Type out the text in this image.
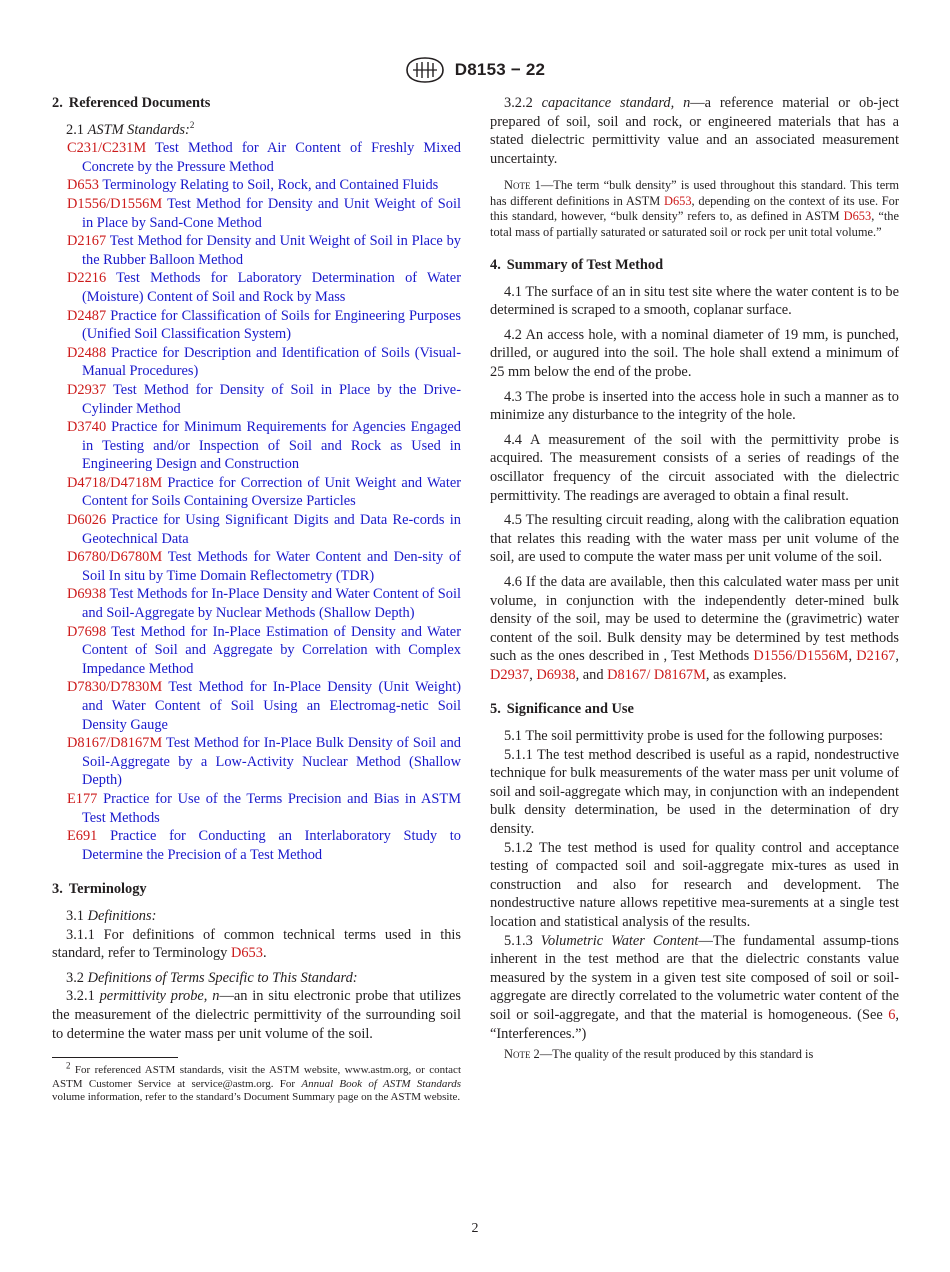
D8153 − 22
2. Referenced Documents

2.1 ASTM Standards:$^2$

C231/C231M Test Method for Air Content of Freshly Mixed Concrete by the Pressure Method

D653 Terminology Relating to Soil, Rock, and Contained Fluids

D1556/D1556M Test Method for Density and Unit Weight of Soil in Place by Sand-Cone Method

D2167 Test Method for Density and Unit Weight of Soil in Place by the Rubber Balloon Method

D2216 Test Methods for Laboratory Determination of Water (Moisture) Content of Soil and Rock by Mass

D2487 Practice for Classification of Soils for Engineering Purposes (Unified Soil Classification System)

D2488 Practice for Description and Identification of Soils (Visual-Manual Procedures)

D2937 Test Method for Density of Soil in Place by the Drive-Cylinder Method

D3740 Practice for Minimum Requirements for Agencies Engaged in Testing and/or Inspection of Soil and Rock as Used in Engineering Design and Construction

D4718/D4718M Practice for Correction of Unit Weight and Water Content for Soils Containing Oversize Particles

D6026 Practice for Using Significant Digits and Data Re-cords in Geotechnical Data

D6780/D6780M Test Methods for Water Content and Den-sity of Soil In situ by Time Domain Reflectometry (TDR)

D6938 Test Methods for In-Place Density and Water Content of Soil and Soil-Aggregate by Nuclear Methods (Shallow Depth)

D7698 Test Method for In-Place Estimation of Density and Water Content of Soil and Aggregate by Correlation with Complex Impedance Method

D7830/D7830M Test Method for In-Place Density (Unit Weight) and Water Content of Soil Using an Electromag-netic Soil Density Gauge

D8167/D8167M Test Method for In-Place Bulk Density of Soil and Soil-Aggregate by a Low-Activity Nuclear Method (Shallow Depth)

E177 Practice for Use of the Terms Precision and Bias in ASTM Test Methods

E691 Practice for Conducting an Interlaboratory Study to Determine the Precision of a Test Method

3. Terminology

3.1 Definitions:

3.1.1 For definitions of common technical terms used in this standard, refer to Terminology D653.

3.2 Definitions of Terms Specific to This Standard:

3.2.1 permittivity probe, n—an in situ electronic probe that utilizes the measurement of the dielectric permittivity of the surrounding soil to determine the water mass per unit volume of the soil.

$^2$ For referenced ASTM standards, visit the ASTM website, www.astm.org, or contact ASTM Customer Service at service@astm.org. For Annual Book of ASTM Standards volume information, refer to the standard’s Document Summary page on the ASTM website.

3.2.2 capacitance standard, n—a reference material or ob-ject prepared of soil, soil and rock, or engineered materials that has a stated dielectric permittivity value and an associated measurement uncertainty.

Note 1—The term “bulk density” is used throughout this standard. This term has different definitions in ASTM D653, depending on the context of its use. For this standard, however, “bulk density” refers to, as defined in ASTM D653, “the total mass of partially saturated or saturated soil or rock per unit total volume.”

4. Summary of Test Method

4.1 The surface of an in situ test site where the water content is to be determined is scraped to a smooth, coplanar surface.

4.2 An access hole, with a nominal diameter of 19 mm, is punched, drilled, or augured into the soil. The hole shall extend a minimum of 25 mm below the end of the probe.

4.3 The probe is inserted into the access hole in such a manner as to minimize any disturbance to the integrity of the hole.

4.4 A measurement of the soil with the permittivity probe is acquired. The measurement consists of a series of readings of the oscillator frequency of the circuit associated with the dielectric permittivity. The readings are averaged to obtain a final result.

4.5 The resulting circuit reading, along with the calibration equation that relates this reading with the water mass per unit volume of the soil, are used to compute the water mass per unit volume of the soil.

4.6 If the data are available, then this calculated water mass per unit volume, in conjunction with the independently deter-mined bulk density of the soil, may be used to determine the (gravimetric) water content of the soil. Bulk density may be determined by test methods such as the ones described in , Test Methods D1556/D1556M, D2167, D2937, D6938, and D8167/ D8167M, as examples.

5. Significance and Use

5.1 The soil permittivity probe is used for the following purposes:

5.1.1 The test method described is useful as a rapid, nondestructive technique for bulk measurements of the water mass per unit volume of soil and soil-aggregate which may, in conjunction with an independent bulk density determination, be used in the determination of dry density.

5.1.2 The test method is used for quality control and acceptance testing of compacted soil and soil-aggregate mix-tures as used in construction and also for research and development. The nondestructive nature allows repetitive mea-surements at a single test location and statistical analysis of the results.

5.1.3 Volumetric Water Content—The fundamental assump-tions inherent in the test method are that the dielectric constants value measured by the system in a given test site composed of soil or soil-aggregate are directly correlated to the volumetric water content of the soil or soil-aggregate, and that the material is homogeneous. (See 6, “Interferences.”)

Note 2—The quality of the result produced by this standard is

2
